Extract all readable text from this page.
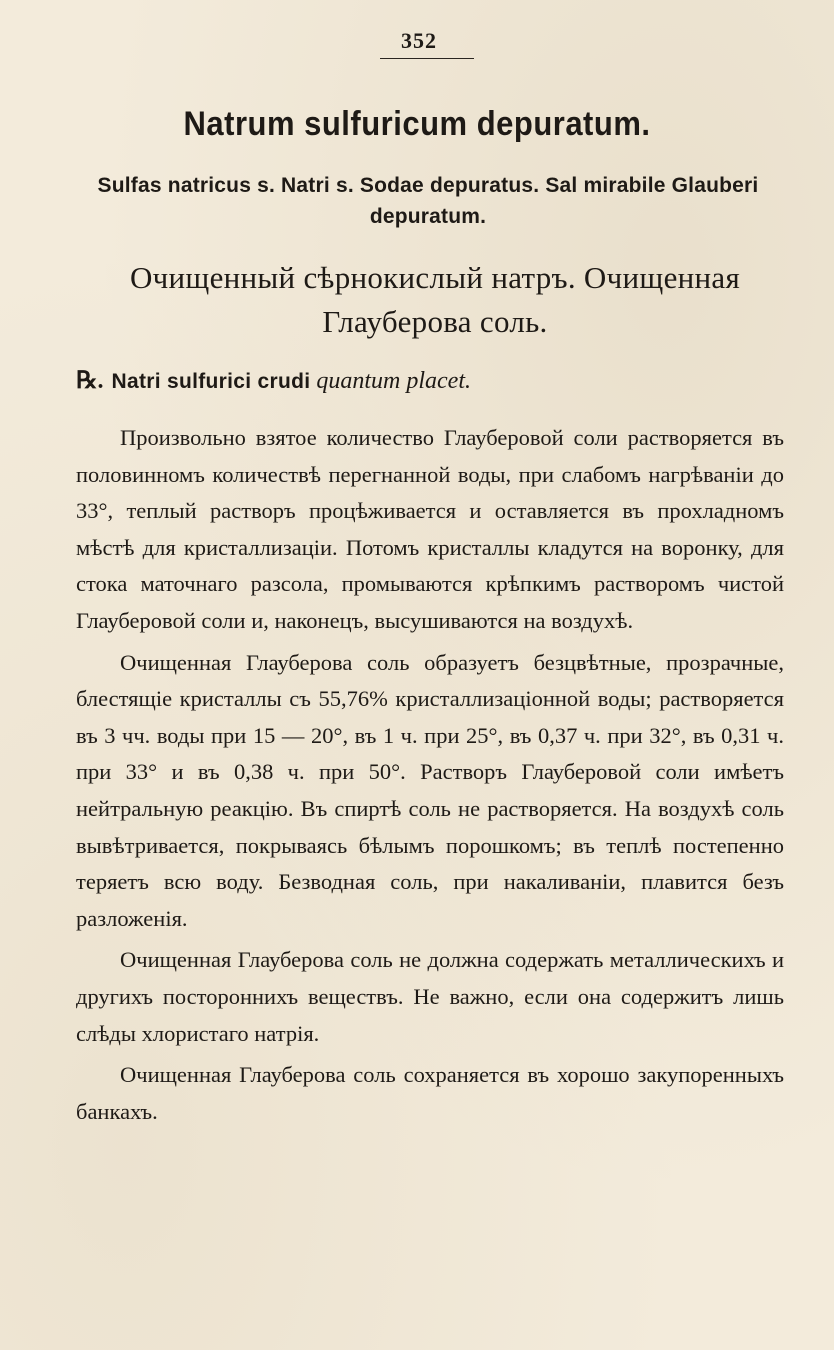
352
Natrum sulfuricum depuratum.
Sulfas natricus s. Natri s. Sodae depuratus. Sal mirabile Glauberi depuratum.
Очищенный сѣрнокислый натръ. Очищенная Глауберова соль.
℞. Natri sulfurici crudi quantum placet.

Произвольно взятое количество Глауберовой соли растворяется въ половинномъ количествѣ перегнанной воды, при слабомъ нагрѣваніи до 33°, теплый растворъ процѣживается и оставляется въ прохладномъ мѣстѣ для кристаллизаціи. Потомъ кристаллы кладутся на воронку, для стока маточнаго разсола, промываются крѣпкимъ растворомъ чистой Глауберовой соли и, наконецъ, высушиваются на воздухѣ.

Очищенная Глауберова соль образуетъ безцвѣтные, прозрачные, блестящіе кристаллы съ 55,76% кристаллизаціонной воды; растворяется въ 3 чч. воды при 15 — 20°, въ 1 ч. при 25°, въ 0,37 ч. при 32°, въ 0,31 ч. при 33° и въ 0,38 ч. при 50°. Растворъ Глауберовой соли имѣетъ нейтральную реакцію. Въ спиртѣ соль не растворяется. На воздухѣ соль вывѣтривается, покрываясь бѣлымъ порошкомъ; въ теплѣ постепенно теряетъ всю воду. Безводная соль, при накаливаніи, плавится безъ разложенія.

Очищенная Глауберова соль не должна содержать металлическихъ и другихъ постороннихъ веществъ. Не важно, если она содержитъ лишь слѣды хлористаго натрія.

Очищенная Глауберова соль сохраняется въ хорошо закупоренныхъ банкахъ.
